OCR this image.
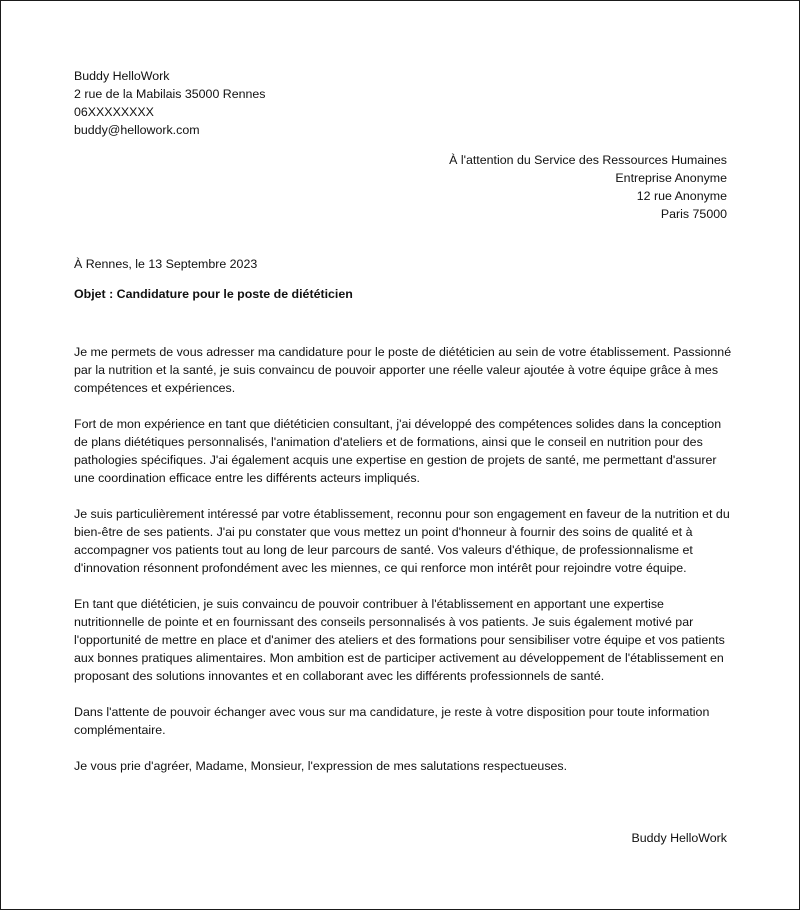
Buddy HelloWork
2 rue de la Mabilais 35000 Rennes
06XXXXXXXX
buddy@hellowork.com
À l'attention du Service des Ressources Humaines
Entreprise Anonyme
12 rue Anonyme
Paris 75000
À Rennes, le 13 Septembre 2023
Objet : Candidature pour le poste de diététicien

Je me permets de vous adresser ma candidature pour le poste de diététicien au sein de votre établissement. Passionné par la nutrition et la santé, je suis convaincu de pouvoir apporter une réelle valeur ajoutée à votre équipe grâce à mes compétences et expériences.

Fort de mon expérience en tant que diététicien consultant, j'ai développé des compétences solides dans la conception de plans diététiques personnalisés, l'animation d'ateliers et de formations, ainsi que le conseil en nutrition pour des pathologies spécifiques. J'ai également acquis une expertise en gestion de projets de santé, me permettant d'assurer une coordination efficace entre les différents acteurs impliqués.

Je suis particulièrement intéressé par votre établissement, reconnu pour son engagement en faveur de la nutrition et du bien-être de ses patients. J'ai pu constater que vous mettez un point d'honneur à fournir des soins de qualité et à accompagner vos patients tout au long de leur parcours de santé. Vos valeurs d'éthique, de professionnalisme et d'innovation résonnent profondément avec les miennes, ce qui renforce mon intérêt pour rejoindre votre équipe.

En tant que diététicien, je suis convaincu de pouvoir contribuer à l'établissement en apportant une expertise nutritionnelle de pointe et en fournissant des conseils personnalisés à vos patients. Je suis également motivé par l'opportunité de mettre en place et d'animer des ateliers et des formations pour sensibiliser votre équipe et vos patients aux bonnes pratiques alimentaires. Mon ambition est de participer activement au développement de l'établissement en proposant des solutions innovantes et en collaborant avec les différents professionnels de santé.

Dans l'attente de pouvoir échanger avec vous sur ma candidature, je reste à votre disposition pour toute information complémentaire.

Je vous prie d'agréer, Madame, Monsieur, l'expression de mes salutations respectueuses.

Buddy HelloWork
